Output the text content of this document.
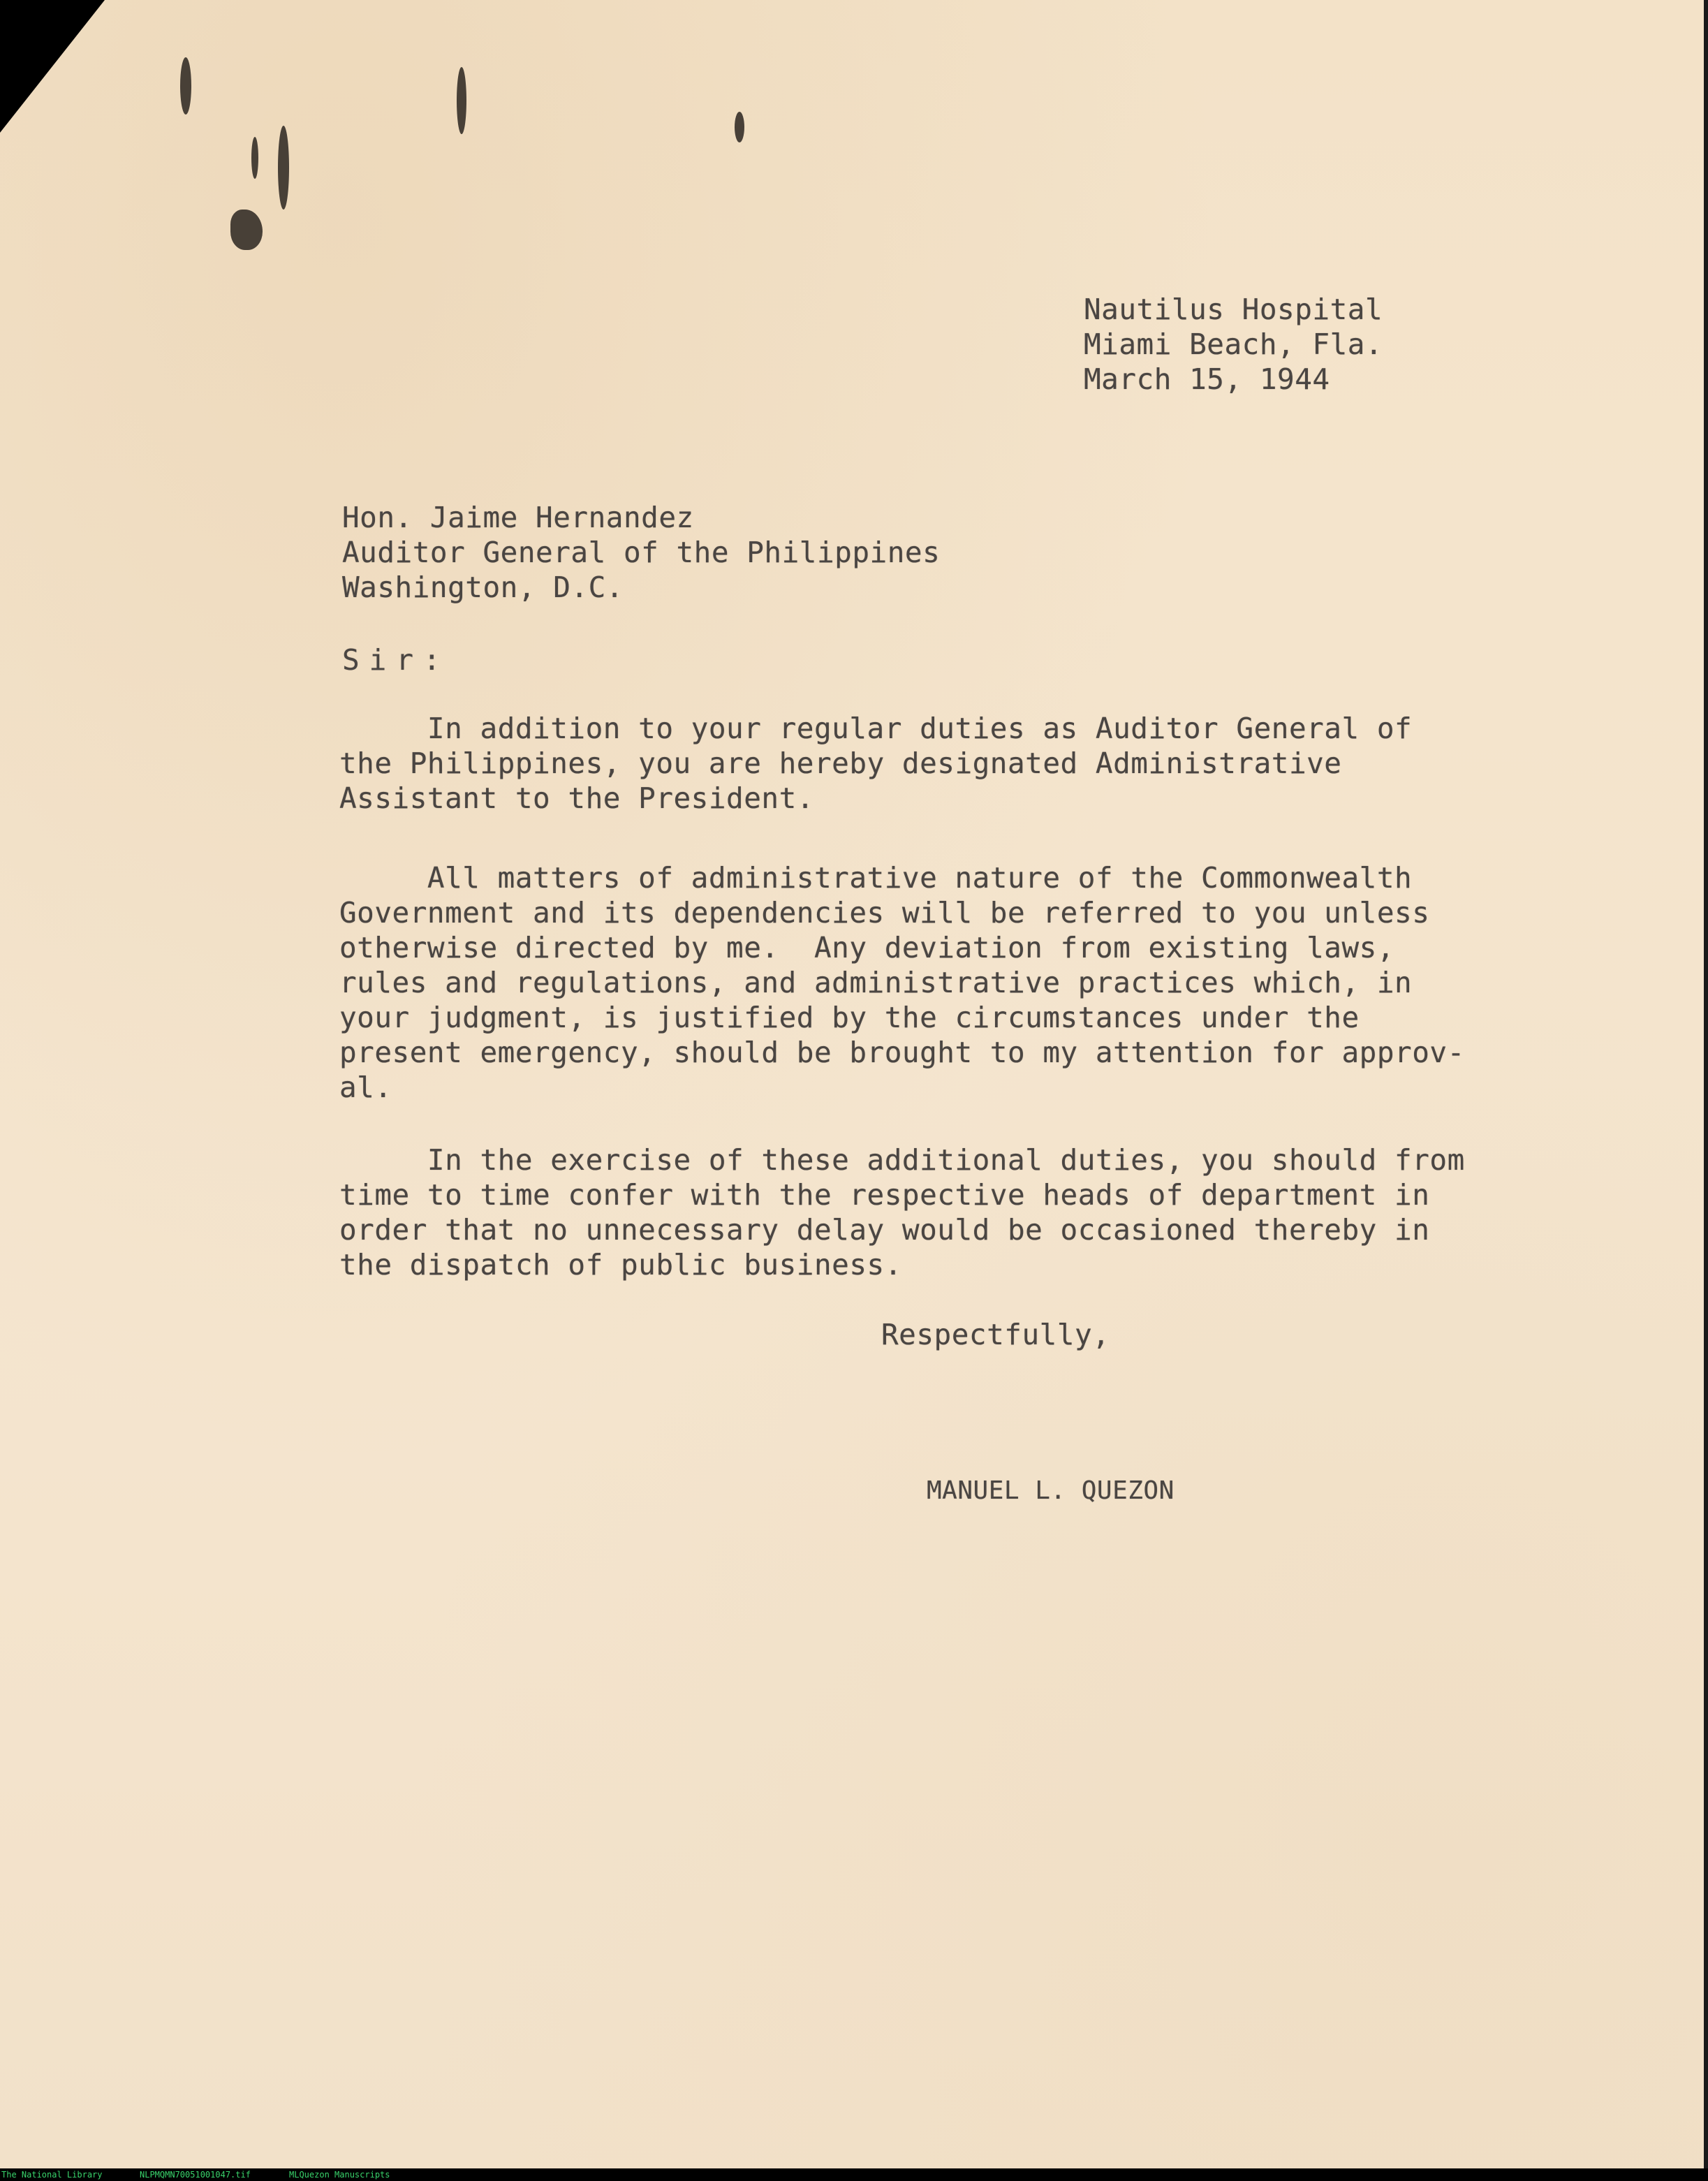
Nautilus Hospital
Miami Beach, Fla.
March 15, 1944
Hon. Jaime Hernandez
Auditor General of the Philippines
Washington, D.C.
Sir:
In addition to your regular duties as Auditor General of
the Philippines, you are hereby designated Administrative
Assistant to the President.
All matters of administrative nature of the Commonwealth
Government and its dependencies will be referred to you unless
otherwise directed by me.  Any deviation from existing laws,
rules and regulations, and administrative practices which, in
your judgment, is justified by the circumstances under the
present emergency, should be brought to my attention for approv-
al.
In the exercise of these additional duties, you should from
time to time confer with the respective heads of department in
order that no unnecessary delay would be occasioned thereby in
the dispatch of public business.
Respectfully,
MANUEL L. QUEZON
The National Library	NLPMQMN70051001047.tif	MLQuezon Manuscripts
